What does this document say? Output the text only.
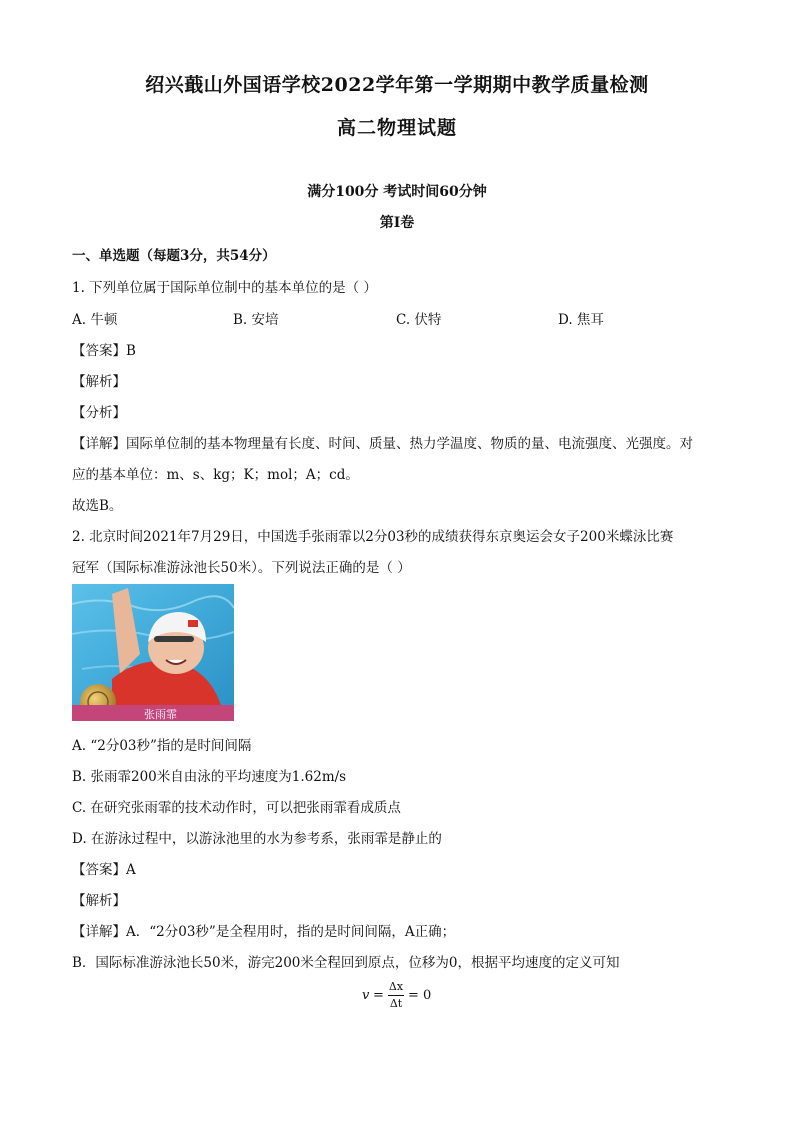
绍兴蕺山外国语学校2022学年第一学期期中教学质量检测
高二物理试题
满分100分 考试时间60分钟
第I卷
一、单选题（每题3分，共54分）
1. 下列单位属于国际单位制中的基本单位的是（ ）
A. 牛顿	B. 安培	C. 伏特	D. 焦耳
【答案】B
【解析】
【分析】
【详解】国际单位制的基本物理量有长度、时间、质量、热力学温度、物质的量、电流强度、光强度。对
应的基本单位：m、s、kg；K；mol；A；cd。
故选B。
2. 北京时间2021年7月29日，中国选手张雨霏以2分03秒的成绩获得东京奥运会女子200米蝶泳比赛
冠军（国际标准游泳池长50米）。下列说法正确的是（ ）
张雨霏
A. “2分03秒”指的是时间间隔
B. 张雨霏200米自由泳的平均速度为1.62m/s
C. 在研究张雨霏的技术动作时，可以把张雨霏看成质点
D. 在游泳过程中，以游泳池里的水为参考系，张雨霏是静止的
【答案】A
【解析】
【详解】A．“2分03秒”是全程用时，指的是时间间隔，A正确；
B．国际标准游泳池长50米，游完200米全程回到原点，位移为0，根据平均速度的定义可知
v =
Δx
Δt
= 0
